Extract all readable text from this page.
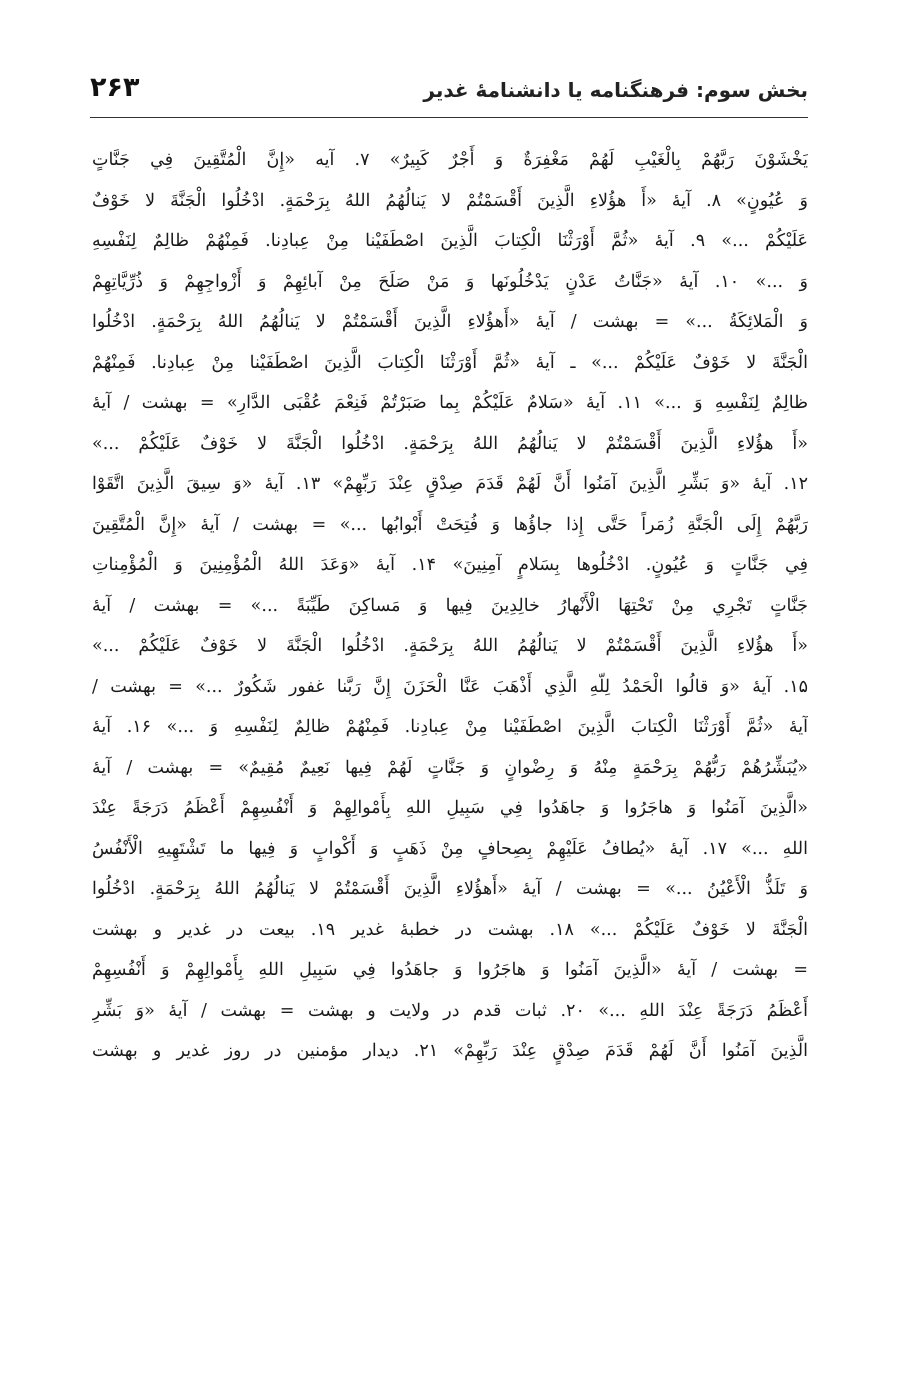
بخش سوم: فرهنگنامه یا دانشنامۀ غدیر
۲۶۳
یَخْشَوْنَ رَبَّهُمْ بِالْغَيْبِ لَهُمْ مَغْفِرَةٌ وَ أَجْرٌ كَبِيرٌ» ۷. آیه «إِنَّ الْمُتَّقِينَ فِي جَنَّاتٍ
وَ عُيُونٍ» ۸. آیۀ «أَ هؤُلاءِ الَّذِينَ أَقْسَمْتُمْ لا يَنالُهُمُ اللهُ بِرَحْمَةٍ. ادْخُلُوا الْجَنَّةَ لا خَوْفٌ
عَلَيْكُمْ ...» ۹. آیۀ «ثُمَّ أَوْرَثْنَا الْكِتابَ الَّذِينَ اصْطَفَيْنا مِنْ عِبادِنا. فَمِنْهُمْ ظالِمٌ لِنَفْسِهِ
وَ ...» ۱۰. آیۀ «جَنَّاتُ عَدْنٍ يَدْخُلُونَها وَ مَنْ صَلَحَ مِنْ آبائِهِمْ وَ أَزْواجِهِمْ وَ ذُرِّيَّاتِهِمْ
وَ الْمَلائِكَةُ ...» = بهشت / آیۀ «أَهؤُلاءِ الَّذِينَ أَقْسَمْتُمْ لا يَنالُهُمُ اللهُ بِرَحْمَةٍ. ادْخُلُوا
الْجَنَّةَ لا خَوْفٌ عَلَيْكُمْ ...» ـ آیۀ «ثُمَّ أَوْرَثْنَا الْكِتابَ الَّذِينَ اصْطَفَيْنا مِنْ عِبادِنا. فَمِنْهُمْ
ظالِمٌ لِنَفْسِهِ وَ ...» ۱۱. آیۀ «سَلامٌ عَلَيْكُمْ بِما صَبَرْتُمْ فَنِعْمَ عُقْبَى الدَّارِ» = بهشت / آیۀ
«أَ هؤُلاءِ الَّذِينَ أَقْسَمْتُمْ لا يَنالُهُمُ اللهُ بِرَحْمَةٍ. ادْخُلُوا الْجَنَّةَ لا خَوْفٌ عَلَيْكُمْ ...»
۱۲. آیۀ «وَ بَشِّرِ الَّذِينَ آمَنُوا أَنَّ لَهُمْ قَدَمَ صِدْقٍ عِنْدَ رَبِّهِمْ» ۱۳. آیۀ «وَ سِيقَ الَّذِينَ اتَّقَوْا
رَبَّهُمْ إِلَى الْجَنَّةِ زُمَراً حَتَّى إِذا جاؤُها وَ فُتِحَتْ أَبْوابُها ...» = بهشت / آیۀ «إِنَّ الْمُتَّقِينَ
فِي جَنَّاتٍ وَ عُيُونٍ. ادْخُلُوها بِسَلامٍ آمِنِينَ» ۱۴. آیۀ «وَعَدَ اللهُ الْمُؤْمِنِينَ وَ الْمُؤْمِناتِ
جَنَّاتٍ تَجْرِي مِنْ تَحْتِهَا الْأَنْهارُ خالِدِينَ فِيها وَ مَساكِنَ طَيِّبَةً ...» = بهشت / آیۀ
«أَ هؤُلاءِ الَّذِينَ أَقْسَمْتُمْ لا يَنالُهُمُ اللهُ بِرَحْمَةٍ. ادْخُلُوا الْجَنَّةَ لا خَوْفٌ عَلَيْكُمْ ...»
۱۵. آیۀ «وَ قالُوا الْحَمْدُ لِلّهِ الَّذِي أَذْهَبَ عَنَّا الْحَزَنَ إِنَّ رَبَّنا غفور شَكُورٌ ...» = بهشت /
آیۀ «ثُمَّ أَوْرَثْنَا الْكِتابَ الَّذِينَ اصْطَفَيْنا مِنْ عِبادِنا. فَمِنْهُمْ ظالِمٌ لِنَفْسِهِ وَ ...» ۱۶. آیۀ
«يُبَشِّرُهُمْ رَبُّهُمْ بِرَحْمَةٍ مِنْهُ وَ رِضْوانٍ وَ جَنَّاتٍ لَهُمْ فِيها نَعِيمٌ مُقِيمٌ» = بهشت / آیۀ
«الَّذِينَ آمَنُوا وَ هاجَرُوا وَ جاهَدُوا فِي سَبِيلِ اللهِ بِأَمْوالِهِمْ وَ أَنْفُسِهِمْ أَعْظَمُ دَرَجَةً عِنْدَ
اللهِ ...» ۱۷. آیۀ «يُطافُ عَلَيْهِمْ بِصِحافٍ مِنْ ذَهَبٍ وَ أَكْوابٍ وَ فِيها ما تَشْتَهِيهِ الْأَنْفُسُ
وَ تَلَذُّ الْأَعْيُنُ ...» = بهشت / آیۀ «أَهؤُلاءِ الَّذِينَ أَقْسَمْتُمْ لا يَنالُهُمُ اللهُ بِرَحْمَةٍ. ادْخُلُوا
الْجَنَّةَ لا خَوْفٌ عَلَيْكُمْ ...» ۱۸. بهشت در خطبۀ غدیر ۱۹. بیعت در غدیر و بهشت
= بهشت / آیۀ «الَّذِينَ آمَنُوا وَ هاجَرُوا وَ جاهَدُوا فِي سَبِيلِ اللهِ بِأَمْوالِهِمْ وَ أَنْفُسِهِمْ
أَعْظَمُ دَرَجَةً عِنْدَ اللهِ ...» ۲۰. ثبات قدم در ولایت و بهشت = بهشت / آیۀ «وَ بَشِّرِ
الَّذِينَ آمَنُوا أَنَّ لَهُمْ قَدَمَ صِدْقٍ عِنْدَ رَبِّهِمْ» ۲۱. دیدار مؤمنین در روز غدیر و بهشت
